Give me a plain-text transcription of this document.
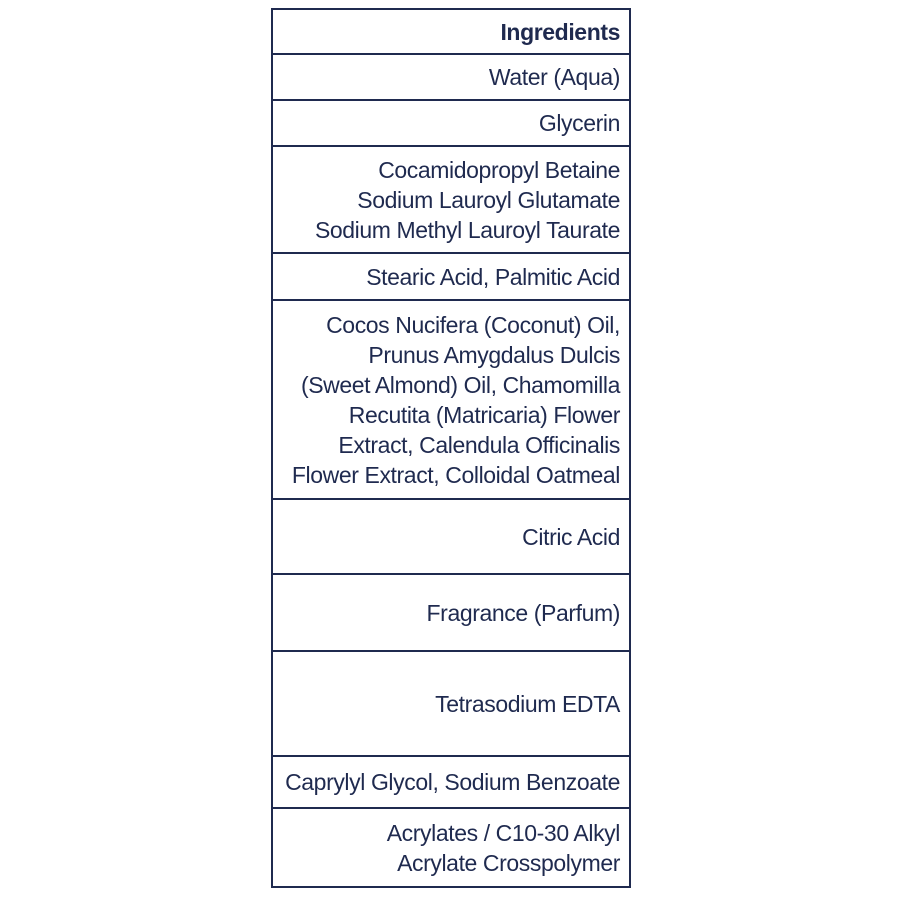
Ingredients
Water (Aqua)
Glycerin
Cocamidopropyl Betaine
Sodium Lauroyl Glutamate
Sodium Methyl Lauroyl Taurate
Stearic Acid, Palmitic Acid
Cocos Nucifera (Coconut) Oil,
Prunus Amygdalus Dulcis
(Sweet Almond) Oil, Chamomilla
Recutita (Matricaria) Flower
Extract, Calendula Officinalis
Flower Extract, Colloidal Oatmeal
Citric Acid
Fragrance (Parfum)
Tetrasodium EDTA
Caprylyl Glycol, Sodium Benzoate
Acrylates / C10-30 Alkyl
Acrylate Crosspolymer
